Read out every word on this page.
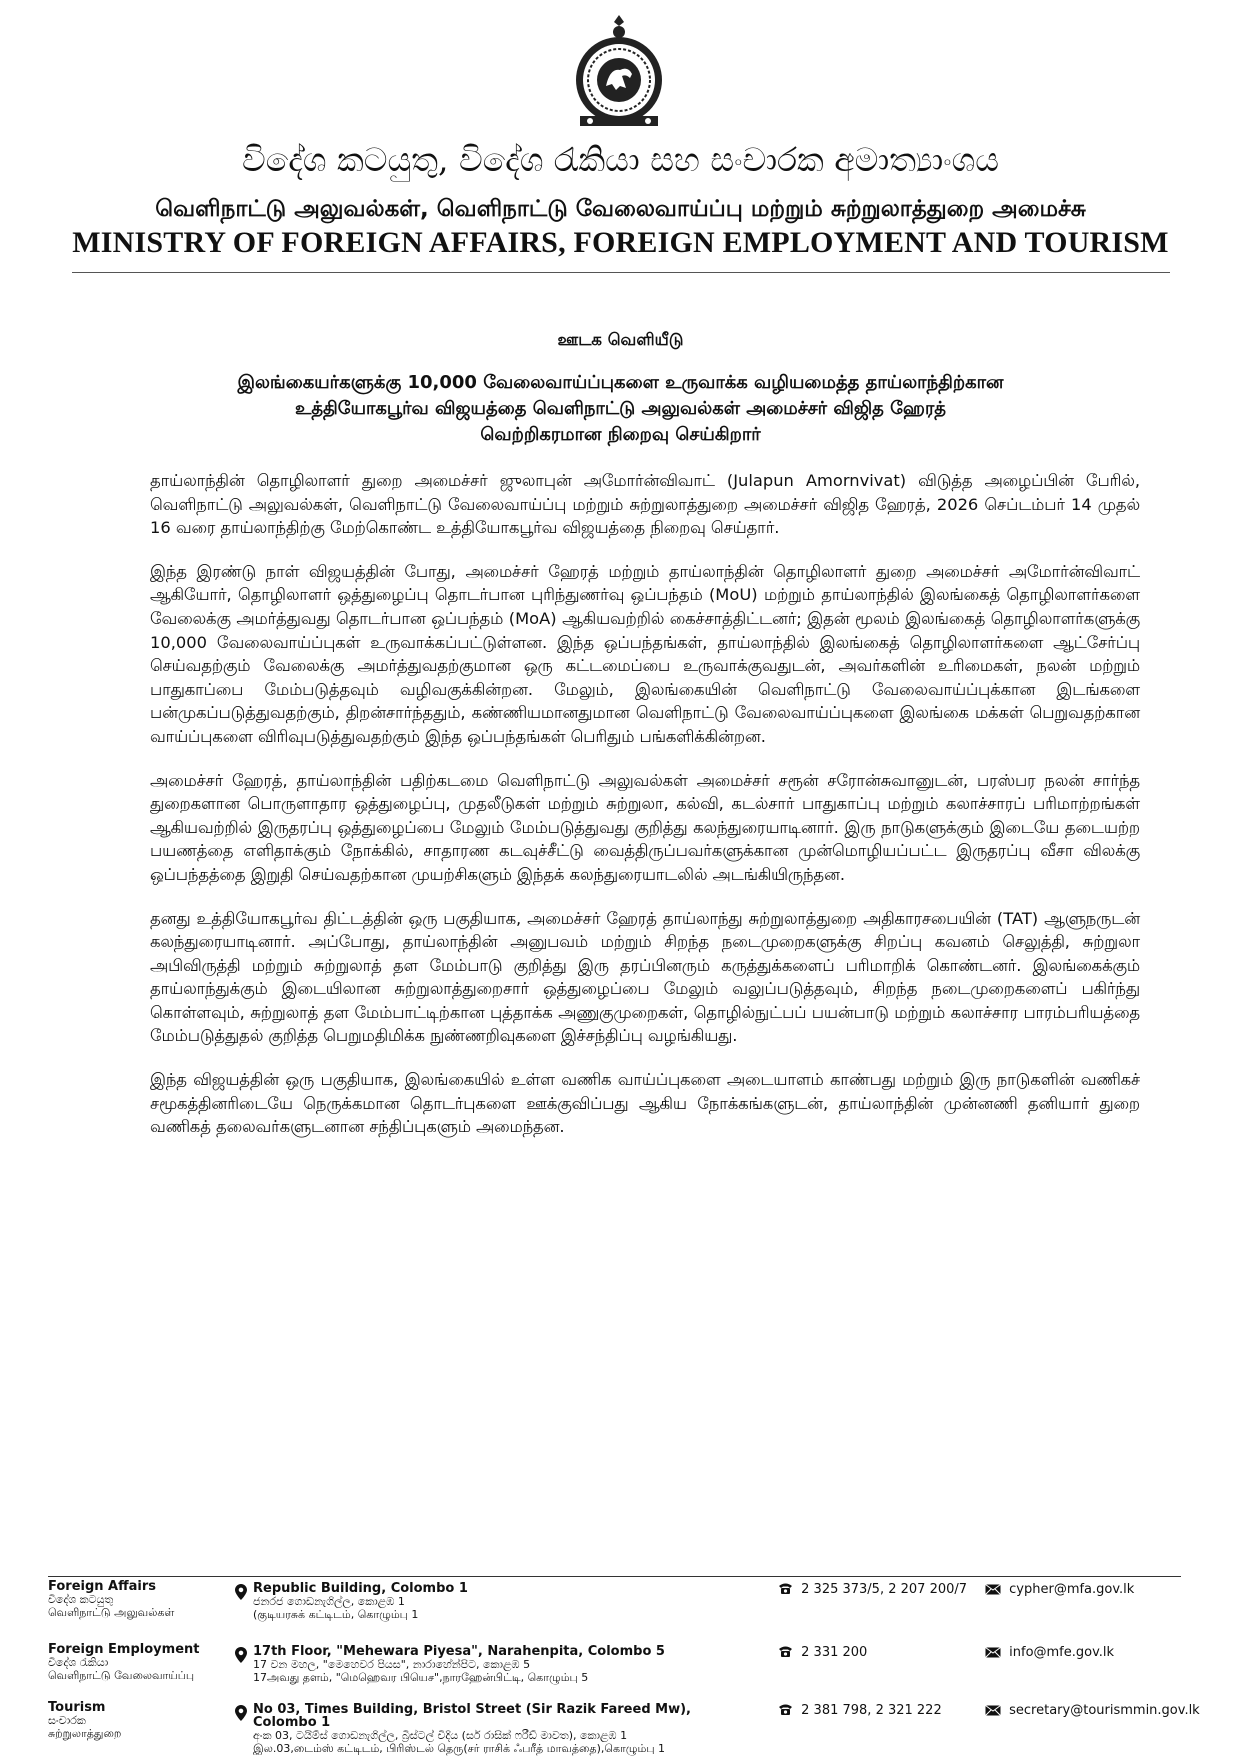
විදේශ කටයුතු, විදේශ රැකියා සහ සංචාරක අමාත්‍යාංශය
வெளிநாட்டு அலுவல்கள், வெளிநாட்டு வேலைவாய்ப்பு மற்றும் சுற்றுலாத்துறை அமைச்சு
MINISTRY OF FOREIGN AFFAIRS, FOREIGN EMPLOYMENT AND TOURISM
ஊடக வெளியீடு
இலங்கையர்களுக்கு 10,000 வேலைவாய்ப்புகளை உருவாக்க வழியமைத்த தாய்லாந்திற்கான
உத்தியோகபூர்வ விஜயத்தை வெளிநாட்டு அலுவல்கள் அமைச்சர் விஜித ஹேரத்
வெற்றிகரமான நிறைவு செய்கிறார்

தாய்லாந்தின் தொழிலாளர் துறை அமைச்சர் ஜுலாபுன் அமோர்ன்விவாட் (Julapun Amornvivat) விடுத்த அழைப்பின் பேரில், வெளிநாட்டு அலுவல்கள், வெளிநாட்டு வேலைவாய்ப்பு மற்றும் சுற்றுலாத்துறை அமைச்சர் விஜித ஹேரத், 2026 செப்டம்பர் 14 முதல் 16 வரை தாய்லாந்திற்கு மேற்கொண்ட உத்தியோகபூர்வ விஜயத்தை நிறைவு செய்தார்.

இந்த இரண்டு நாள் விஜயத்தின் போது, அமைச்சர் ஹேரத் மற்றும் தாய்லாந்தின் தொழிலாளர் துறை அமைச்சர் அமோர்ன்விவாட் ஆகியோர், தொழிலாளர் ஒத்துழைப்பு தொடர்பான புரிந்துணர்வு ஒப்பந்தம் (MoU) மற்றும் தாய்லாந்தில் இலங்கைத் தொழிலாளர்களை வேலைக்கு அமர்த்துவது தொடர்பான ஒப்பந்தம் (MoA) ஆகியவற்றில் கைச்சாத்திட்டனர்; இதன் மூலம் இலங்கைத் தொழிலாளர்களுக்கு 10,000 வேலைவாய்ப்புகள் உருவாக்கப்பட்டுள்ளன. இந்த ஒப்பந்தங்கள், தாய்லாந்தில் இலங்கைத் தொழிலாளர்களை ஆட்சேர்ப்பு செய்வதற்கும் வேலைக்கு அமர்த்துவதற்குமான ஒரு கட்டமைப்பை உருவாக்குவதுடன், அவர்களின் உரிமைகள், நலன் மற்றும் பாதுகாப்பை மேம்படுத்தவும் வழிவகுக்கின்றன. மேலும், இலங்கையின் வெளிநாட்டு வேலைவாய்ப்புக்கான இடங்களை பன்முகப்படுத்துவதற்கும், திறன்சார்ந்ததும், கண்ணியமானதுமான வெளிநாட்டு வேலைவாய்ப்புகளை இலங்கை மக்கள் பெறுவதற்கான வாய்ப்புகளை விரிவுபடுத்துவதற்கும் இந்த ஒப்பந்தங்கள் பெரிதும் பங்களிக்கின்றன.

அமைச்சர் ஹேரத், தாய்லாந்தின் பதிற்கடமை வெளிநாட்டு அலுவல்கள் அமைச்சர் சரூன் சரோன்சுவானுடன், பரஸ்பர நலன் சார்ந்த துறைகளான பொருளாதார ஒத்துழைப்பு, முதலீடுகள் மற்றும் சுற்றுலா, கல்வி, கடல்சார் பாதுகாப்பு மற்றும் கலாச்சாரப் பரிமாற்றங்கள் ஆகியவற்றில் இருதரப்பு ஒத்துழைப்பை மேலும் மேம்படுத்துவது குறித்து கலந்துரையாடினார். இரு நாடுகளுக்கும் இடையே தடையற்ற பயணத்தை எளிதாக்கும் நோக்கில், சாதாரண கடவுச்சீட்டு வைத்திருப்பவர்களுக்கான முன்மொழியப்பட்ட இருதரப்பு வீசா விலக்கு ஒப்பந்தத்தை இறுதி செய்வதற்கான முயற்சிகளும் இந்தக் கலந்துரையாடலில் அடங்கியிருந்தன.

தனது உத்தியோகபூர்வ திட்டத்தின் ஒரு பகுதியாக, அமைச்சர் ஹேரத் தாய்லாந்து சுற்றுலாத்துறை அதிகாரசபையின் (TAT) ஆளுநருடன் கலந்துரையாடினார். அப்போது, தாய்லாந்தின் அனுபவம் மற்றும் சிறந்த நடைமுறைகளுக்கு சிறப்பு கவனம் செலுத்தி, சுற்றுலா அபிவிருத்தி மற்றும் சுற்றுலாத் தள மேம்பாடு குறித்து இரு தரப்பினரும் கருத்துக்களைப் பரிமாறிக் கொண்டனர். இலங்கைக்கும் தாய்லாந்துக்கும் இடையிலான சுற்றுலாத்துறைசார் ஒத்துழைப்பை மேலும் வலுப்படுத்தவும், சிறந்த நடைமுறைகளைப் பகிர்ந்து கொள்ளவும், சுற்றுலாத் தள மேம்பாட்டிற்கான புத்தாக்க அணுகுமுறைகள், தொழில்நுட்பப் பயன்பாடு மற்றும் கலாச்சார பாரம்பரியத்தை மேம்படுத்துதல் குறித்த பெறுமதிமிக்க நுண்ணறிவுகளை இச்சந்திப்பு வழங்கியது.

இந்த விஜயத்தின் ஒரு பகுதியாக, இலங்கையில் உள்ள வணிக வாய்ப்புகளை அடையாளம் காண்பது மற்றும் இரு நாடுகளின் வணிகச் சமூகத்தினரிடையே நெருக்கமான தொடர்புகளை ஊக்குவிப்பது ஆகிய நோக்கங்களுடன், தாய்லாந்தின் முன்னணி தனியார் துறை வணிகத் தலைவர்களுடனான சந்திப்புகளும் அமைந்தன.

Foreign Affairs
විදේශ කටයුතු
வெளிநாட்டு அலுவல்கள்
Republic Building, Colombo 1
ජනරජ ගොඩනැගිල්ල, කොළඹ 1
(குடியரசுக் கட்டிடம், கொழும்பு 1
2 325 373/5, 2 207 200/7	cypher@mfa.gov.lk
Foreign Employment
විදේශ රැකියා
வெளிநாட்டு வேலைவாய்ப்பு
17th Floor, "Mehewara Piyesa", Narahenpita, Colombo 5
17 වන මහල, "මෙහෙවර පියස", නාරාහේන්පිට, කොළඹ 5
17அவது தளம், "மெஹெவர பியெச",நாரஹேன்பிட்டி, கொழும்பு 5
2 331 200	info@mfe.gov.lk
Tourism
සංචාරක
சுற்றுலாத்துறை
No 03, Times Building, Bristol Street (Sir Razik Fareed Mw), Colombo 1
අංක 03, ටයිම්ස් ගොඩනැගිල්ල, බ්‍රිස්ටල් වීදිය (සර් රාසික් ෆරීඩ් මාවත), කොළඹ 1
இல.03,டைம்ஸ் கட்டிடம், பிரிஸ்டல் தெரு(சர் ராசிக் ஃபரீத் மாவத்தை),கொழும்பு 1
2 381 798, 2 321 222	secretary@tourismmin.gov.lk
